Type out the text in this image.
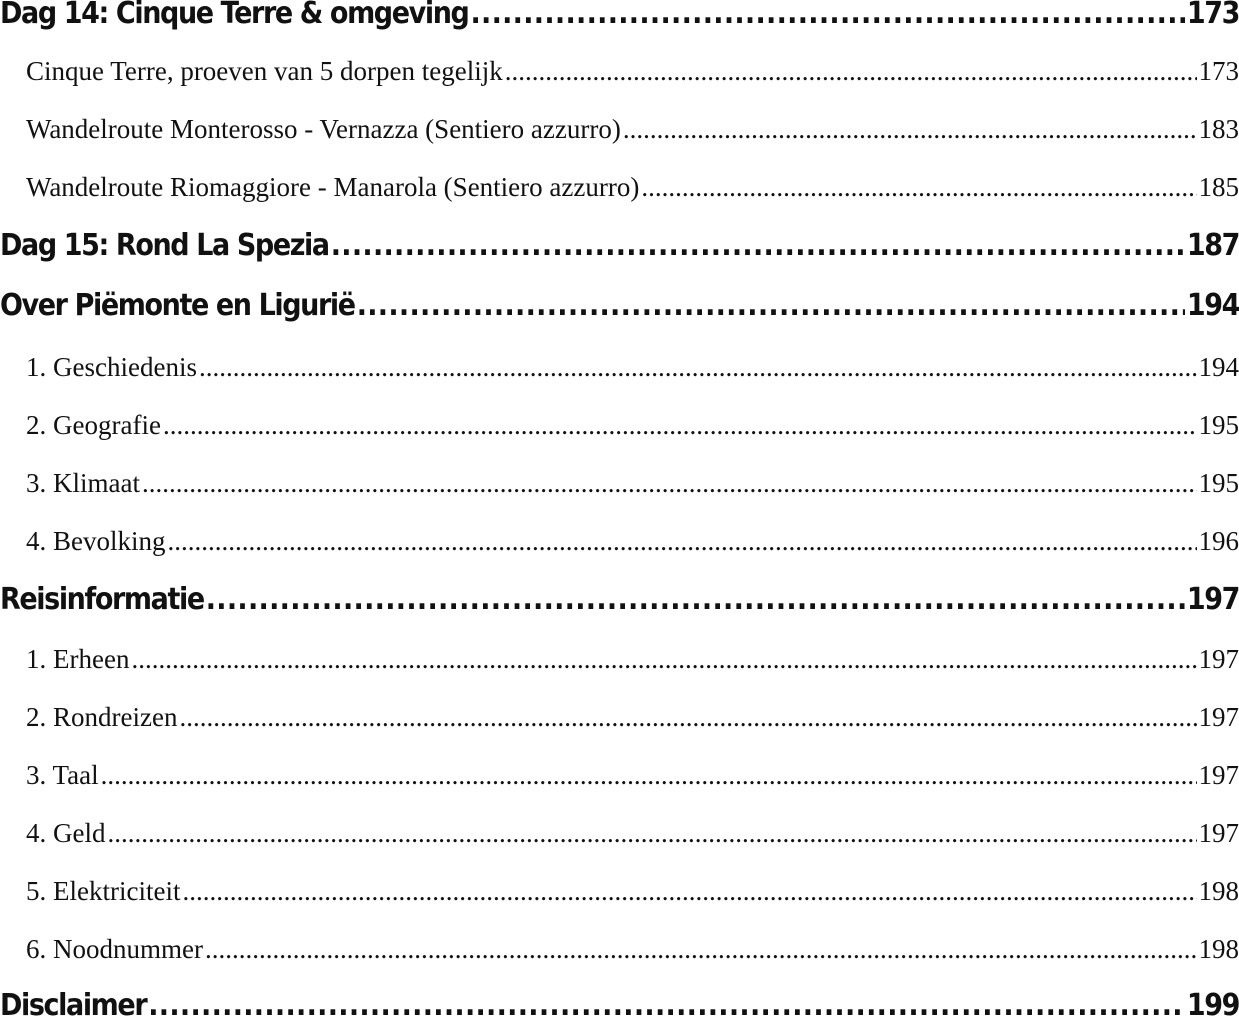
Dag 14: Cinque Terre & omgeving .....	173
Cinque Terre, proeven van 5 dorpen tegelijk .....	173
Wandelroute Monterosso - Vernazza (Sentiero azzurro) .....	183
Wandelroute Riomaggiore - Manarola (Sentiero azzurro) .....	185
Dag 15: Rond La Spezia .....	187
Over Piëmonte en Ligurië .....	194
1. Geschiedenis .....	194
2. Geografie .....	195
3. Klimaat .....	195
4. Bevolking .....	196
Reisinformatie .....	197
1. Erheen .....	197
2. Rondreizen .....	197
3. Taal .....	197
4. Geld .....	197
5. Elektriciteit .....	198
6. Noodnummer .....	198
Disclaimer .....	199
